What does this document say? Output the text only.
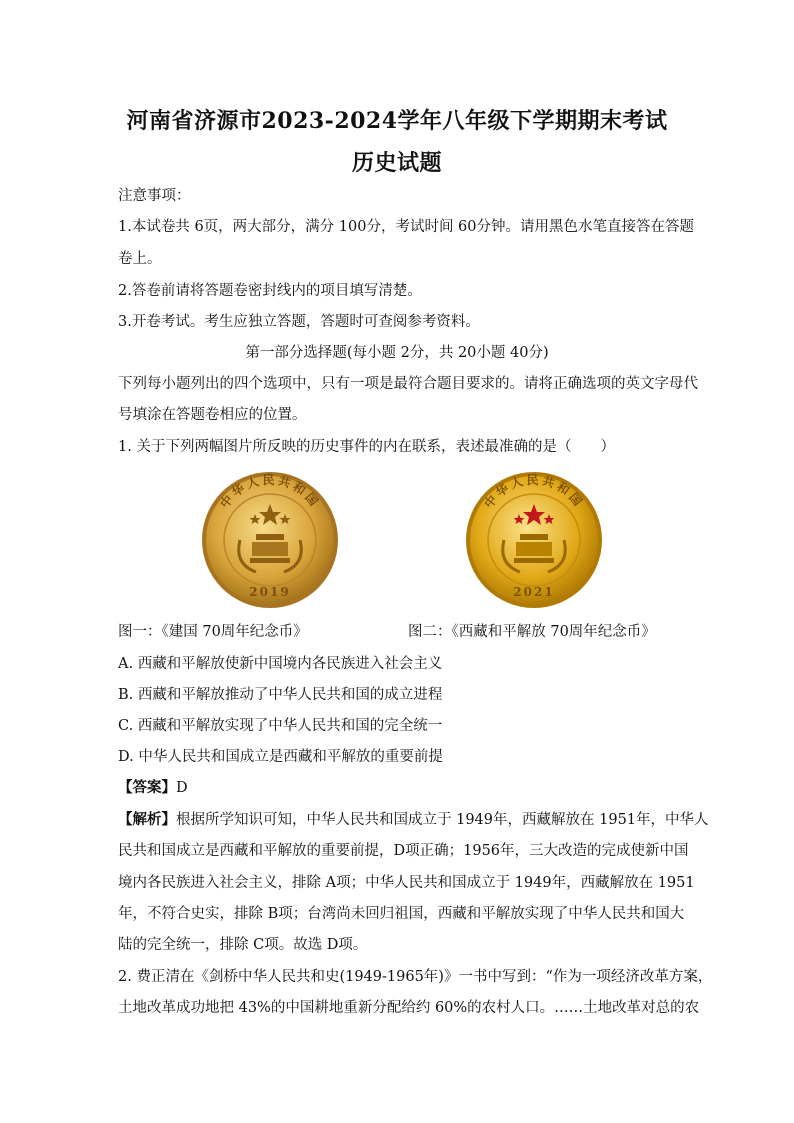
河南省济源市2023-2024学年八年级下学期期末考试
历史试题
注意事项：
1.本试卷共 6页，两大部分，满分 100分，考试时间 60分钟。请用黑色水笔直接答在答题
卷上。
2.答卷前请将答题卷密封线内的项目填写清楚。
3.开卷考试。考生应独立答题，答题时可查阅参考资料。
第一部分选择题(每小题 2分，共 20小题 40分)
下列每小题列出的四个选项中，只有一项是最符合题目要求的。请将正确选项的英文字母代
号填涂在答题卷相应的位置。
1. 关于下列两幅图片所反映的历史事件的内在联系，表述最准确的是（　　）
中华人民共和国
2019
中华人民共和国
2021
图一：《建国 70周年纪念币》	图二：《西藏和平解放 70周年纪念币》
A. 西藏和平解放使新中国境内各民族进入社会主义
B. 西藏和平解放推动了中华人民共和国的成立进程
C. 西藏和平解放实现了中华人民共和国的完全统一
D. 中华人民共和国成立是西藏和平解放的重要前提
【答案】D
【解析】根据所学知识可知，中华人民共和国成立于 1949年，西藏解放在 1951年，中华人
民共和国成立是西藏和平解放的重要前提，D项正确；1956年，三大改造的完成使新中国
境内各民族进入社会主义，排除 A项；中华人民共和国成立于 1949年，西藏解放在 1951
年，不符合史实，排除 B项；台湾尚未回归祖国，西藏和平解放实现了中华人民共和国大
陆的完全统一，排除 C项。故选 D项。
2. 费正清在《剑桥中华人民共和史(1949-1965年)》一书中写到：“作为一项经济改革方案，
土地改革成功地把 43%的中国耕地重新分配给约 60%的农村人口。……土地改革对总的农
